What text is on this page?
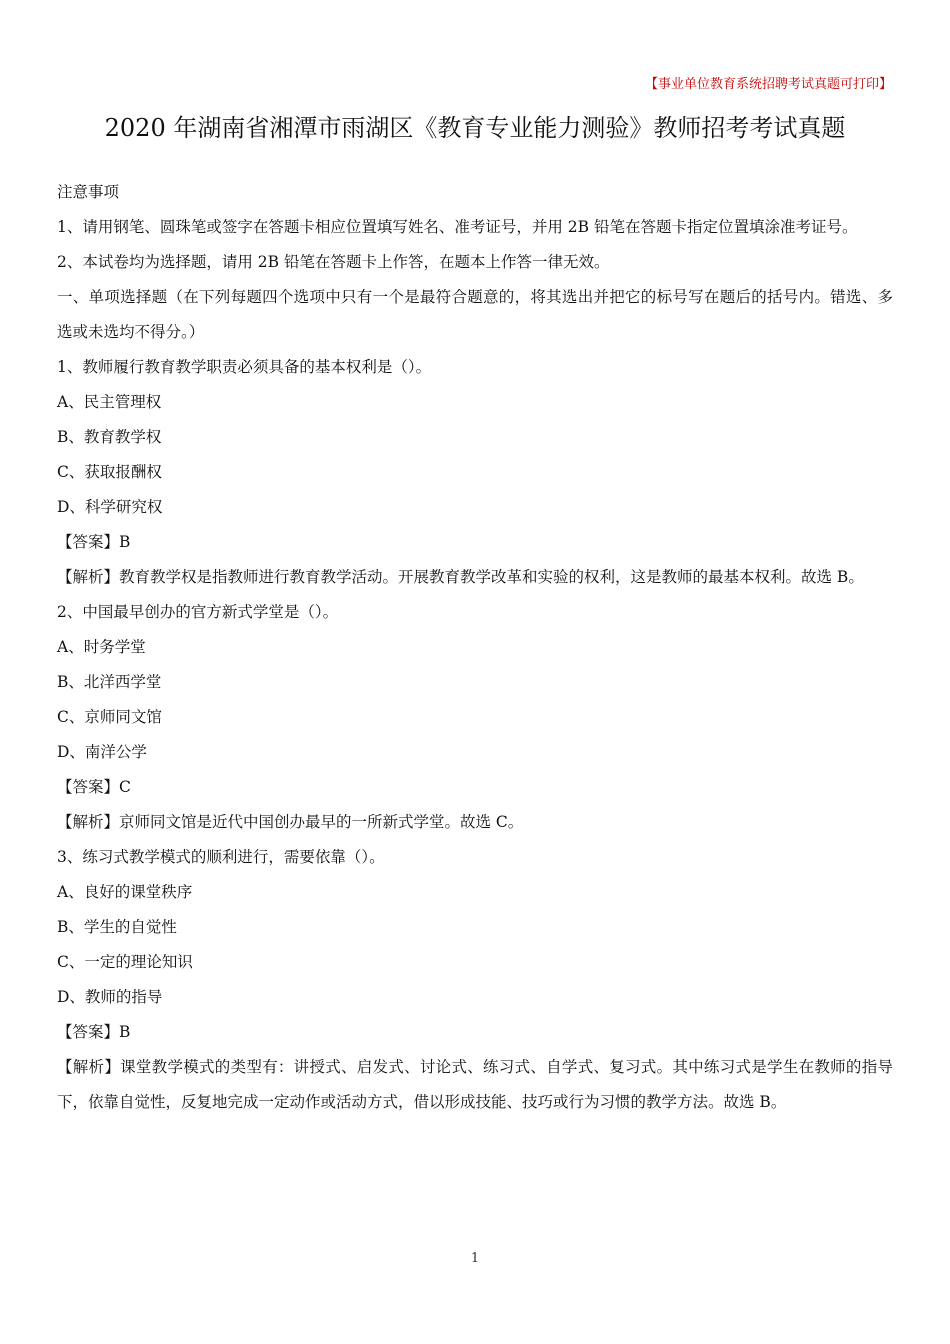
【事业单位教育系统招聘考试真题可打印】
2020 年湖南省湘潭市雨湖区《教育专业能力测验》教师招考考试真题
注意事项
1、请用钢笔、圆珠笔或签字在答题卡相应位置填写姓名、准考证号，并用 2B 铅笔在答题卡指定位置填涂准考证号。
2、本试卷均为选择题，请用 2B 铅笔在答题卡上作答，在题本上作答一律无效。
一、单项选择题（在下列每题四个选项中只有一个是最符合题意的，将其选出并把它的标号写在题后的括号内。错选、多选或未选均不得分。）
1、教师履行教育教学职责必须具备的基本权利是（）。
A、民主管理权
B、教育教学权
C、获取报酬权
D、科学研究权
【答案】B
【解析】教育教学权是指教师进行教育教学活动。开展教育教学改革和实验的权利，这是教师的最基本权利。故选 B。
2、中国最早创办的官方新式学堂是（）。
A、时务学堂
B、北洋西学堂
C、京师同文馆
D、南洋公学
【答案】C
【解析】京师同文馆是近代中国创办最早的一所新式学堂。故选 C。
3、练习式教学模式的顺利进行，需要依靠（）。
A、良好的课堂秩序
B、学生的自觉性
C、一定的理论知识
D、教师的指导
【答案】B
【解析】课堂教学模式的类型有：讲授式、启发式、讨论式、练习式、自学式、复习式。其中练习式是学生在教师的指导下，依靠自觉性，反复地完成一定动作或活动方式，借以形成技能、技巧或行为习惯的教学方法。故选 B。
1
